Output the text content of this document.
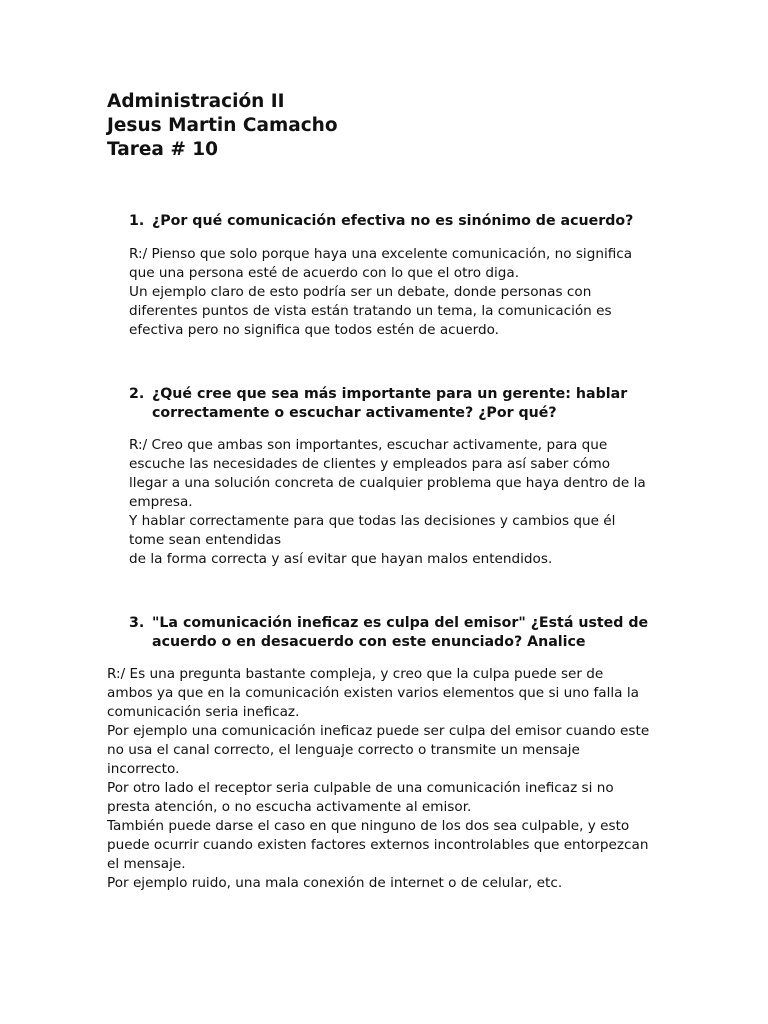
Administración II
Jesus Martin Camacho
Tarea # 10
1. ¿Por qué comunicación efectiva no es sinónimo de acuerdo?
R:/ Pienso que solo porque haya una excelente comunicación, no significa
que una persona esté de acuerdo con lo que el otro diga.
Un ejemplo claro de esto podría ser un debate, donde personas con
diferentes puntos de vista están tratando un tema, la comunicación es
efectiva pero no significa que todos estén de acuerdo.
2. ¿Qué cree que sea más importante para un gerente: hablar
correctamente o escuchar activamente? ¿Por qué?
R:/ Creo que ambas son importantes, escuchar activamente, para que
escuche las necesidades de clientes y empleados para así saber cómo
llegar a una solución concreta de cualquier problema que haya dentro de la
empresa.
Y hablar correctamente para que todas las decisiones y cambios que él
tome sean entendidas
de la forma correcta y así evitar que hayan malos entendidos.
3. "La comunicación ineficaz es culpa del emisor" ¿Está usted de
acuerdo o en desacuerdo con este enunciado? Analice
R:/ Es una pregunta bastante compleja, y creo que la culpa puede ser de
ambos ya que en la comunicación existen varios elementos que si uno falla la
comunicación seria ineficaz.
Por ejemplo una comunicación ineficaz puede ser culpa del emisor cuando este
no usa el canal correcto, el lenguaje correcto o transmite un mensaje
incorrecto.
Por otro lado el receptor seria culpable de una comunicación ineficaz si no
presta atención, o no escucha activamente al emisor.
También puede darse el caso en que ninguno de los dos sea culpable, y esto
puede ocurrir cuando existen factores externos incontrolables que entorpezcan
el mensaje.
Por ejemplo ruido, una mala conexión de internet o de celular, etc.
